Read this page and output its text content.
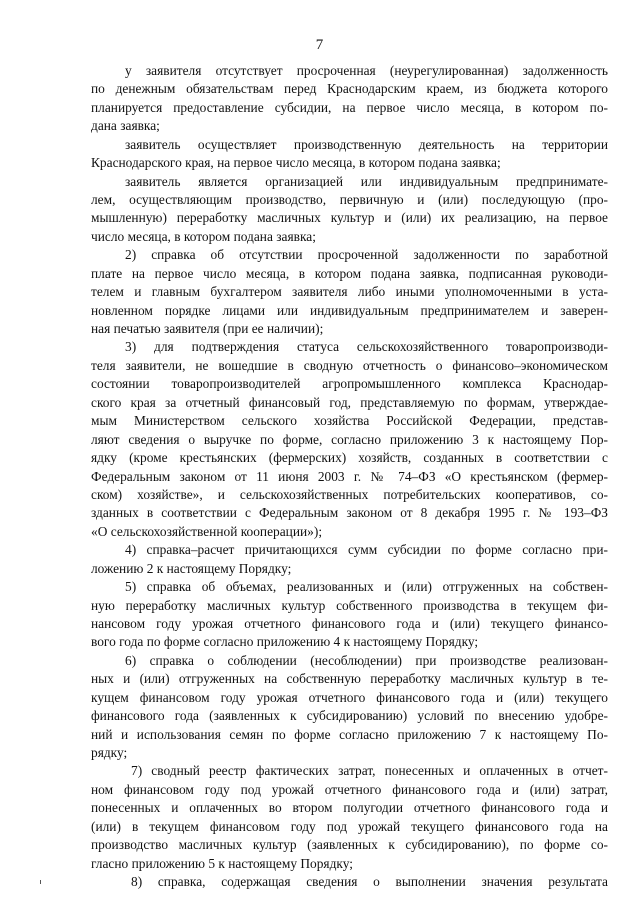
7
у заявителя отсутствует просроченная (неурегулированная) задолженность
по денежным обязательствам перед Краснодарским краем, из бюджета которого
планируется предоставление субсидии, на первое число месяца, в котором по-
дана заявка;
заявитель осуществляет производственную деятельность на территории
Краснодарского края, на первое число месяца, в котором подана заявка;
заявитель является организацией или индивидуальным предпринимате-
лем, осуществляющим производство, первичную и (или) последующую (про-
мышленную) переработку масличных культур и (или) их реализацию, на первое
число месяца, в котором подана заявка;
2) справка об отсутствии просроченной задолженности по заработной
плате на первое число месяца, в котором подана заявка, подписанная руководи-
телем и главным бухгалтером заявителя либо иными уполномоченными в уста-
новленном порядке лицами или индивидуальным предпринимателем и заверен-
ная печатью заявителя (при ее наличии);
3) для подтверждения статуса сельскохозяйственного товаропроизводи-
теля заявители, не вошедшие в сводную отчетность о финансово–экономическом
состоянии товаропроизводителей агропромышленного комплекса Краснодар-
ского края за отчетный финансовый год, представляемую по формам, утверждае-
мым Министерством сельского хозяйства Российской Федерации, представ-
ляют сведения о выручке по форме, согласно приложению 3 к настоящему Пор-
ядку (кроме крестьянских (фермерских) хозяйств, созданных в соответствии с
Федеральным законом от 11 июня 2003 г. № 74–ФЗ «О крестьянском (фермер-
ском) хозяйстве», и сельскохозяйственных потребительских кооперативов, со-
зданных в соответствии с Федеральным законом от 8 декабря 1995 г. № 193–ФЗ
«О сельскохозяйственной кооперации»);
4) справка–расчет причитающихся сумм субсидии по форме согласно при-
ложению 2 к настоящему Порядку;
5) справка об объемах, реализованных и (или) отгруженных на собствен-
ную переработку масличных культур собственного производства в текущем фи-
нансовом году урожая отчетного финансового года и (или) текущего финансо-
вого года по форме согласно приложению 4 к настоящему Порядку;
6) справка о соблюдении (несоблюдении) при производстве реализован-
ных и (или) отгруженных на собственную переработку масличных культур в те-
кущем финансовом году урожая отчетного финансового года и (или) текущего
финансового года (заявленных к субсидированию) условий по внесению удобре-
ний и использования семян по форме согласно приложению 7 к настоящему По-
рядку;
7) сводный реестр фактических затрат, понесенных и оплаченных в отчет-
ном финансовом году под урожай отчетного финансового года и (или) затрат,
понесенных и оплаченных во втором полугодии отчетного финансового года и
(или) в текущем финансовом году под урожай текущего финансового года на
производство масличных культур (заявленных к субсидированию), по форме со-
гласно приложению 5 к настоящему Порядку;
8) справка, содержащая сведения о выполнении значения результата
